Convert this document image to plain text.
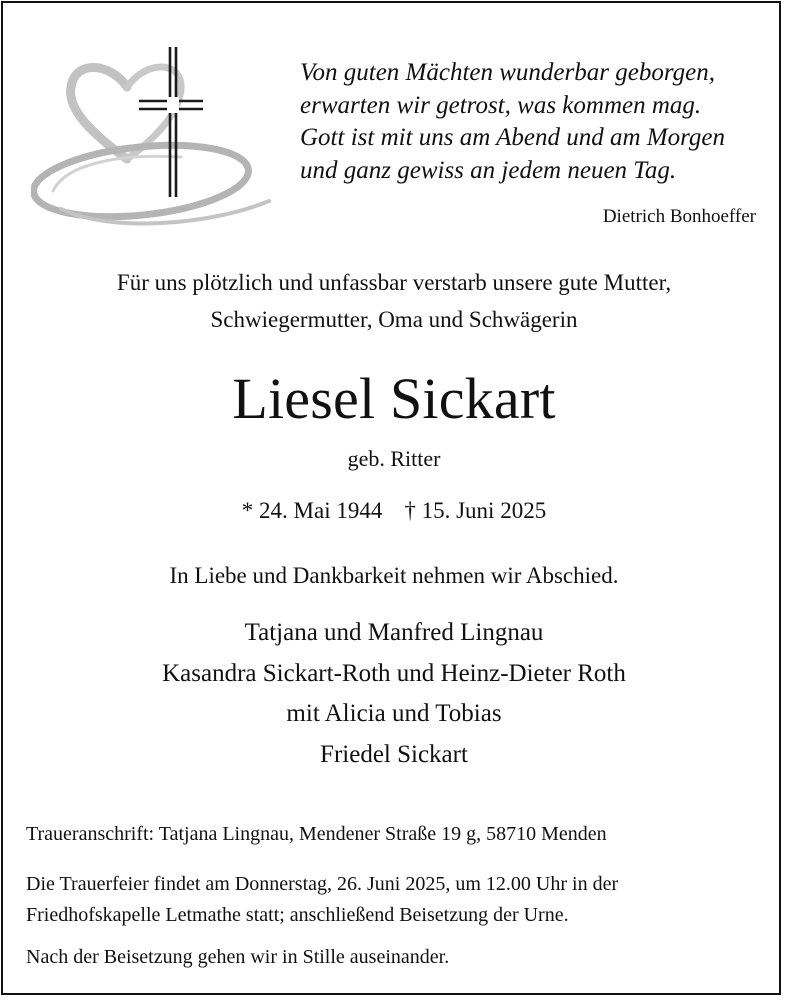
Von guten Mächten wunderbar geborgen,
erwarten wir getrost, was kommen mag.
Gott ist mit uns am Abend und am Morgen
und ganz gewiss an jedem neuen Tag.
Dietrich Bonhoeffer
Für uns plötzlich und unfassbar verstarb unsere gute Mutter,
Schwiegermutter, Oma und Schwägerin
Liesel Sickart
geb. Ritter
* 24. Mai 1944 † 15. Juni 2025
In Liebe und Dankbarkeit nehmen wir Abschied.
Tatjana und Manfred Lingnau
Kasandra Sickart-Roth und Heinz-Dieter Roth
mit Alicia und Tobias
Friedel Sickart
Traueranschrift: Tatjana Lingnau, Mendener Straße 19 g, 58710 Menden
Die Trauerfeier findet am Donnerstag, 26. Juni 2025, um 12.00 Uhr in der
Friedhofskapelle Letmathe statt; anschließend Beisetzung der Urne.
Nach der Beisetzung gehen wir in Stille auseinander.
